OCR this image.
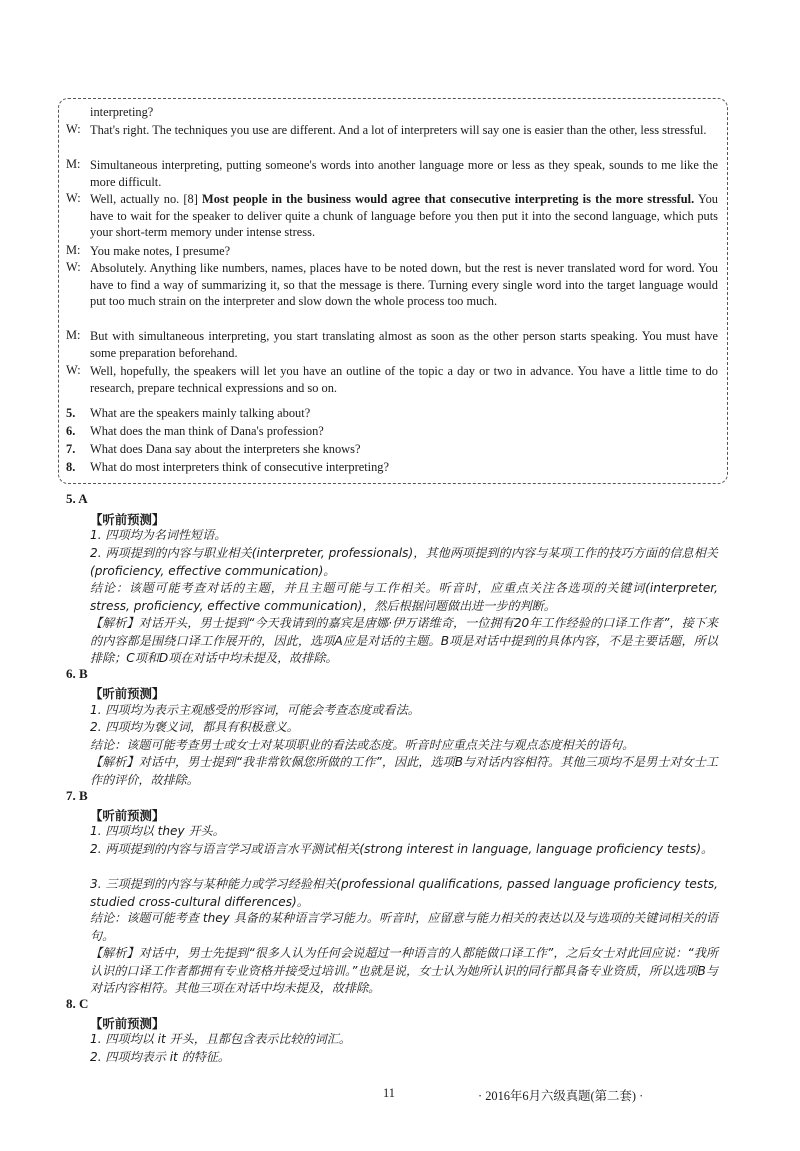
interpreting?
W: That's right. The techniques you use are different. And a lot of interpreters will say one is easier than the other, less stressful.
M: Simultaneous interpreting, putting someone's words into another language more or less as they speak, sounds to me like the more difficult.
W: Well, actually no. [8] Most people in the business would agree that consecutive interpreting is the more stressful. You have to wait for the speaker to deliver quite a chunk of language before you then put it into the second language, which puts your short-term memory under intense stress.
M: You make notes, I presume?
W: Absolutely. Anything like numbers, names, places have to be noted down, but the rest is never translated word for word. You have to find a way of summarizing it, so that the message is there. Turning every single word into the target language would put too much strain on the interpreter and slow down the whole process too much.
M: But with simultaneous interpreting, you start translating almost as soon as the other person starts speaking. You must have some preparation beforehand.
W: Well, hopefully, the speakers will let you have an outline of the topic a day or two in advance. You have a little time to do research, prepare technical expressions and so on.
5. What are the speakers mainly talking about?
6. What does the man think of Dana's profession?
7. What does Dana say about the interpreters she knows?
8. What do most interpreters think of consecutive interpreting?
5. A
【听前预测】
1. 四项均为名词性短语。
2. 两项提到的内容与职业相关(interpreter, professionals)，其他两项提到的内容与某项工作的技巧方面的信息相关(proficiency, effective communication)。
结论：该题可能考查对话的主题，并且主题可能与工作相关。听音时，应重点关注各选项的关键词(interpreter, stress, proficiency, effective communication)，然后根据问题做出进一步的判断。
【解析】对话开头，男士提到“今天我请到的嘉宾是唐娜·伊万诺维奇，一位拥有20年工作经验的口译工作者”，接下来的内容都是围绕口译工作展开的，因此，选项A应是对话的主题。B项是对话中提到的具体内容，不是主要话题，所以排除；C项和D项在对话中均未提及，故排除。
6. B
【听前预测】
1. 四项均为表示主观感受的形容词，可能会考查态度或看法。
2. 四项均为褒义词，都具有积极意义。
结论：该题可能考查男士或女士对某项职业的看法或态度。听音时应重点关注与观点态度相关的语句。
【解析】对话中，男士提到“我非常钦佩您所做的工作”，因此，选项B与对话内容相符。其他三项均不是男士对女士工作的评价，故排除。
7. B
【听前预测】
1. 四项均以 they 开头。
2. 两项提到的内容与语言学习或语言水平测试相关(strong interest in language, language proficiency tests)。
3. 三项提到的内容与某种能力或学习经验相关(professional qualifications, passed language proficiency tests, studied cross-cultural differences)。
结论：该题可能考查 they 具备的某种语言学习能力。听音时，应留意与能力相关的表达以及与选项的关键词相关的语句。
【解析】对话中，男士先提到“很多人认为任何会说超过一种语言的人都能做口译工作”，之后女士对此回应说：“我所认识的口译工作者都拥有专业资格并接受过培训。”也就是说，女士认为她所认识的同行都具备专业资质，所以选项B与对话内容相符。其他三项在对话中均未提及，故排除。
8. C
【听前预测】
1. 四项均以 it 开头，且都包含表示比较的词汇。
2. 四项均表示 it 的特征。
11	· 2016年6月六级真题(第二套) ·
